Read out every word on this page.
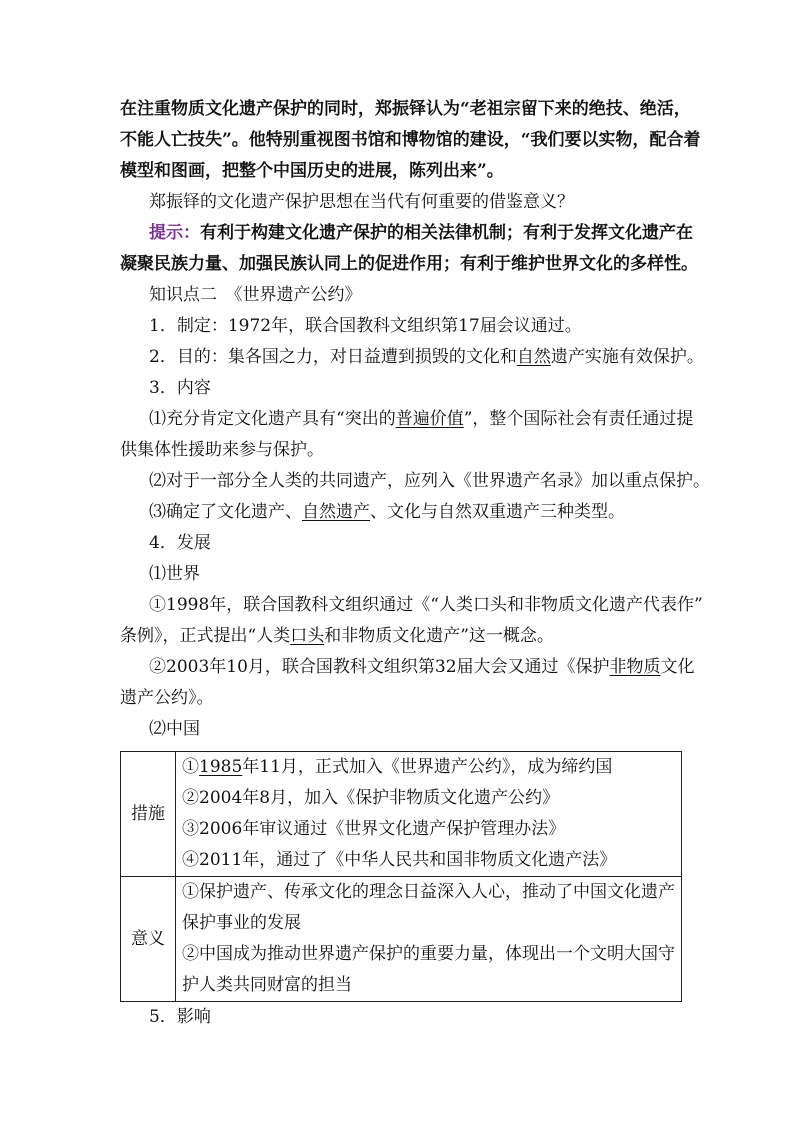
在注重物质文化遗产保护的同时，郑振铎认为“老祖宗留下来的绝技、绝活，
不能人亡技失”。他特别重视图书馆和博物馆的建设，“我们要以实物，配合着
模型和图画，把整个中国历史的进展，陈列出来”。
郑振铎的文化遗产保护思想在当代有何重要的借鉴意义？
提示：有利于构建文化遗产保护的相关法律机制；有利于发挥文化遗产在
凝聚民族力量、加强民族认同上的促进作用；有利于维护世界文化的多样性。
知识点二　《世界遗产公约》
1．制定：1972年，联合国教科文组织第17届会议通过。
2．目的：集各国之力，对日益遭到损毁的文化和自然遗产实施有效保护。
3．内容
⑴充分肯定文化遗产具有“突出的普遍价值”，整个国际社会有责任通过提
供集体性援助来参与保护。
⑵对于一部分全人类的共同遗产，应列入《世界遗产名录》加以重点保护。
⑶确定了文化遗产、自然遗产、文化与自然双重遗产三种类型。
4．发展
⑴世界
①1998年，联合国教科文组织通过《“人类口头和非物质文化遗产代表作”
条例》，正式提出“人类口头和非物质文化遗产”这一概念。
②2003年10月，联合国教科文组织第32届大会又通过《保护非物质文化
遗产公约》。
⑵中国
措施	①1985年11月，正式加入《世界遗产公约》，成为缔约国
②2004年8月，加入《保护非物质文化遗产公约》
③2006年审议通过《世界文化遗产保护管理办法》
④2011年，通过了《中华人民共和国非物质文化遗产法》

意义	①保护遗产、传承文化的理念日益深入人心，推动了中国文化遗产
保护事业的发展
②中国成为推动世界遗产保护的重要力量，体现出一个文明大国守
护人类共同财富的担当
5．影响
